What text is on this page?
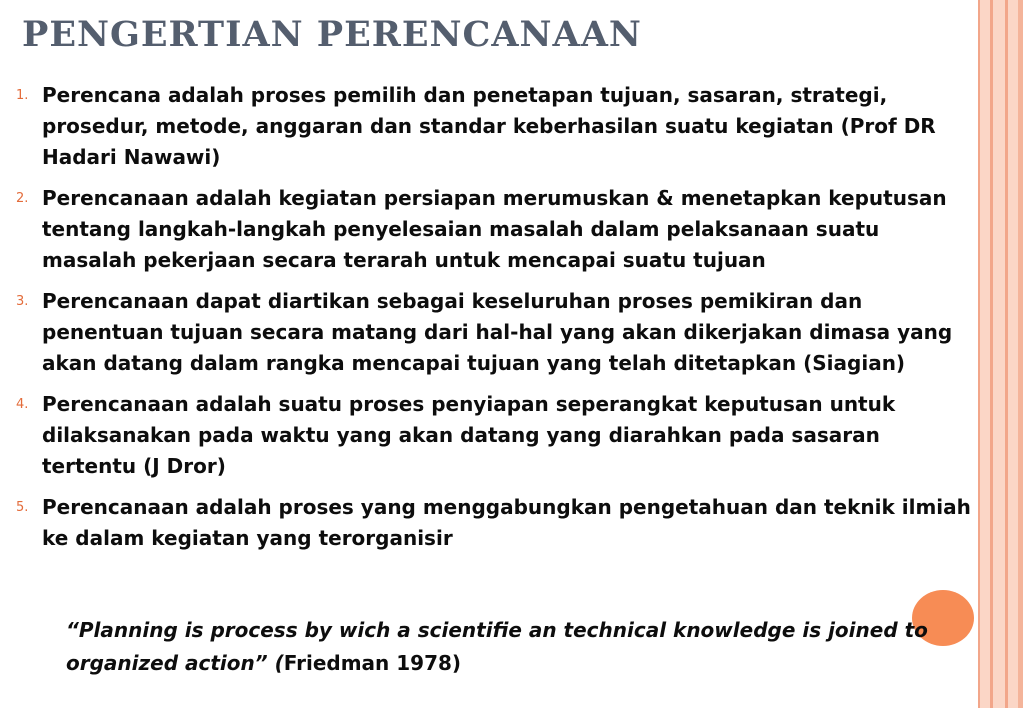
PENGERTIAN PERENCANAAN
1. Perencana adalah proses pemilih dan penetapan tujuan, sasaran, strategi, prosedur, metode, anggaran dan standar keberhasilan suatu kegiatan (Prof DR Hadari Nawawi)
2. Perencanaan adalah kegiatan persiapan merumuskan & menetapkan keputusan tentang langkah-langkah penyelesaian masalah dalam pelaksanaan suatu masalah pekerjaan secara terarah untuk mencapai suatu tujuan
3. Perencanaan dapat diartikan sebagai keseluruhan proses pemikiran dan penentuan tujuan secara matang dari hal-hal yang akan dikerjakan dimasa yang akan datang dalam rangka mencapai tujuan yang telah ditetapkan (Siagian)
4. Perencanaan adalah suatu proses penyiapan seperangkat keputusan untuk dilaksanakan pada waktu yang akan datang yang diarahkan pada sasaran tertentu (J Dror)
5. Perencanaan adalah proses yang menggabungkan pengetahuan dan teknik ilmiah ke dalam kegiatan yang terorganisir
“Planning is process by wich a scientifie an technical knowledge is joined to organized action” (Friedman 1978)
